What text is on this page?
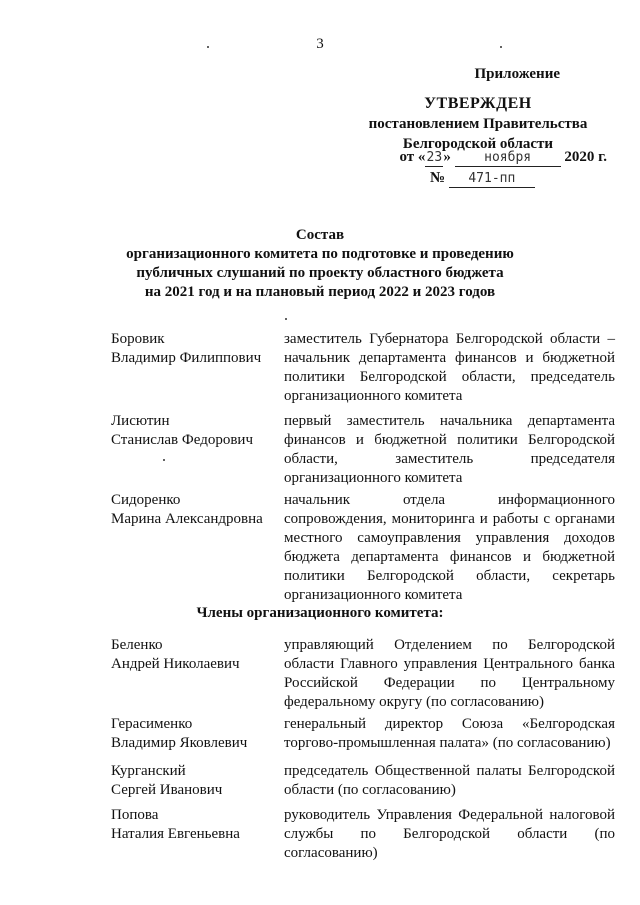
3
Приложение
УТВЕРЖДЕН
постановлением Правительства
Белгородской области
от «23»	ноября 2020 г.
№ 471-пп
Состав
организационного комитета по подготовке и проведению
публичных слушаний по проекту областного бюджета
на 2021 год и на плановый период 2022 и 2023 годов
Боровик
Владимир Филиппович
заместитель Губернатора Белгородской области – начальник департамента финансов и бюджетной политики Белгородской области, председатель организационного комитета
Лисютин
Станислав Федорович
первый заместитель начальника департамента финансов и бюджетной политики Белгородской области, заместитель председателя организационного комитета
Сидоренко
Марина Александровна
начальник отдела информационного сопровождения, мониторинга и работы с органами местного самоуправления управления доходов бюджета департамента финансов и бюджетной политики Белгородской области, секретарь организационного комитета
Члены организационного комитета:
Беленко
Андрей Николаевич
управляющий Отделением по Белгородской области Главного управления Центрального банка Российской Федерации по Центральному федеральному округу (по согласованию)
Герасименко
Владимир Яковлевич
генеральный директор Союза «Белгородская торгово-промышленная палата» (по согласованию)
Курганский
Сергей Иванович
председатель Общественной палаты Белгородской области (по согласованию)
Попова
Наталия Евгеньевна
руководитель Управления Федеральной налоговой службы по Белгородской области (по согласованию)
